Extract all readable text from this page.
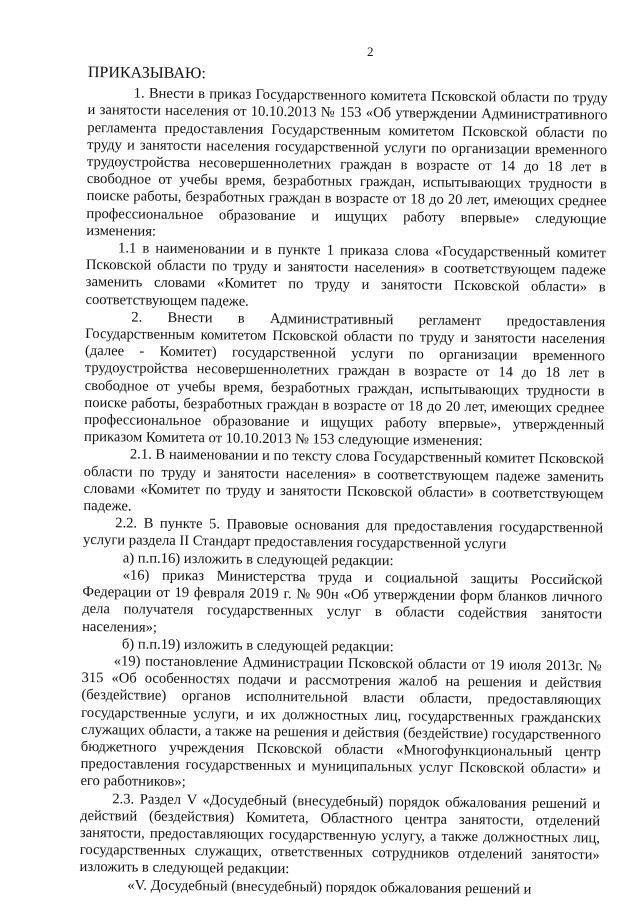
2

ПРИКАЗЫВАЮ:

1. Внести в приказ Государственного комитета Псковской области по труду и занятости населения от 10.10.2013 № 153 «Об утверждении Административного регламента предоставления Государственным комитетом Псковской области по труду и занятости населения государственной услуги по организации временного трудоустройства несовершеннолетних граждан в возрасте от 14 до 18 лет в свободное от учебы время, безработных граждан, испытывающих трудности в поиске работы, безработных граждан в возрасте от 18 до 20 лет, имеющих среднее профессиональное образование и ищущих работу впервые» следующие изменения:

1.1 в наименовании и в пункте 1 приказа слова «Государственный комитет Псковской области по труду и занятости населения» в соответствующем падеже заменить словами «Комитет по труду и занятости Псковской области» в соответствующем падеже.

2. Внести в Административный регламент предоставления Государственным комитетом Псковской области по труду и занятости населения (далее - Комитет) государственной услуги по организации временного трудоустройства несовершеннолетних граждан в возрасте от 14 до 18 лет в свободное от учебы время, безработных граждан, испытывающих трудности в поиске работы, безработных граждан в возрасте от 18 до 20 лет, имеющих среднее профессиональное образование и ищущих работу впервые», утвержденный приказом Комитета от 10.10.2013 № 153 следующие изменения:

2.1. В наименовании и по тексту слова Государственный комитет Псковской области по труду и занятости населения» в соответствующем падеже заменить словами «Комитет по труду и занятости Псковской области» в соответствующем падеже.

2.2. В пункте 5. Правовые основания для предоставления государственной услуги раздела II Стандарт предоставления государственной услуги

а) п.п.16) изложить в следующей редакции:

«16) приказ Министерства труда и социальной защиты Российской Федерации от 19 февраля 2019 г. № 90н «Об утверждении форм бланков личного дела получателя государственных услуг в области содействия занятости населения»;

б) п.п.19) изложить в следующей редакции:

«19) постановление Администрации Псковской области от 19 июля 2013г. № 315 «Об особенностях подачи и рассмотрения жалоб на решения и действия (бездействие) органов исполнительной власти области, предоставляющих государственные услуги, и их должностных лиц, государственных гражданских служащих области, а также на решения и действия (бездействие) государственного бюджетного учреждения Псковской области «Многофункциональный центр предоставления государственных и муниципальных услуг Псковской области» и его работников»;

2.3. Раздел V «Досудебный (внесудебный) порядок обжалования решений и действий (бездействия) Комитета, Областного центра занятости, отделений занятости, предоставляющих государственную услугу, а также должностных лиц, государственных служащих, ответственных сотрудников отделений занятости» изложить в следующей редакции:

«V. Досудебный (внесудебный) порядок обжалования решений и
